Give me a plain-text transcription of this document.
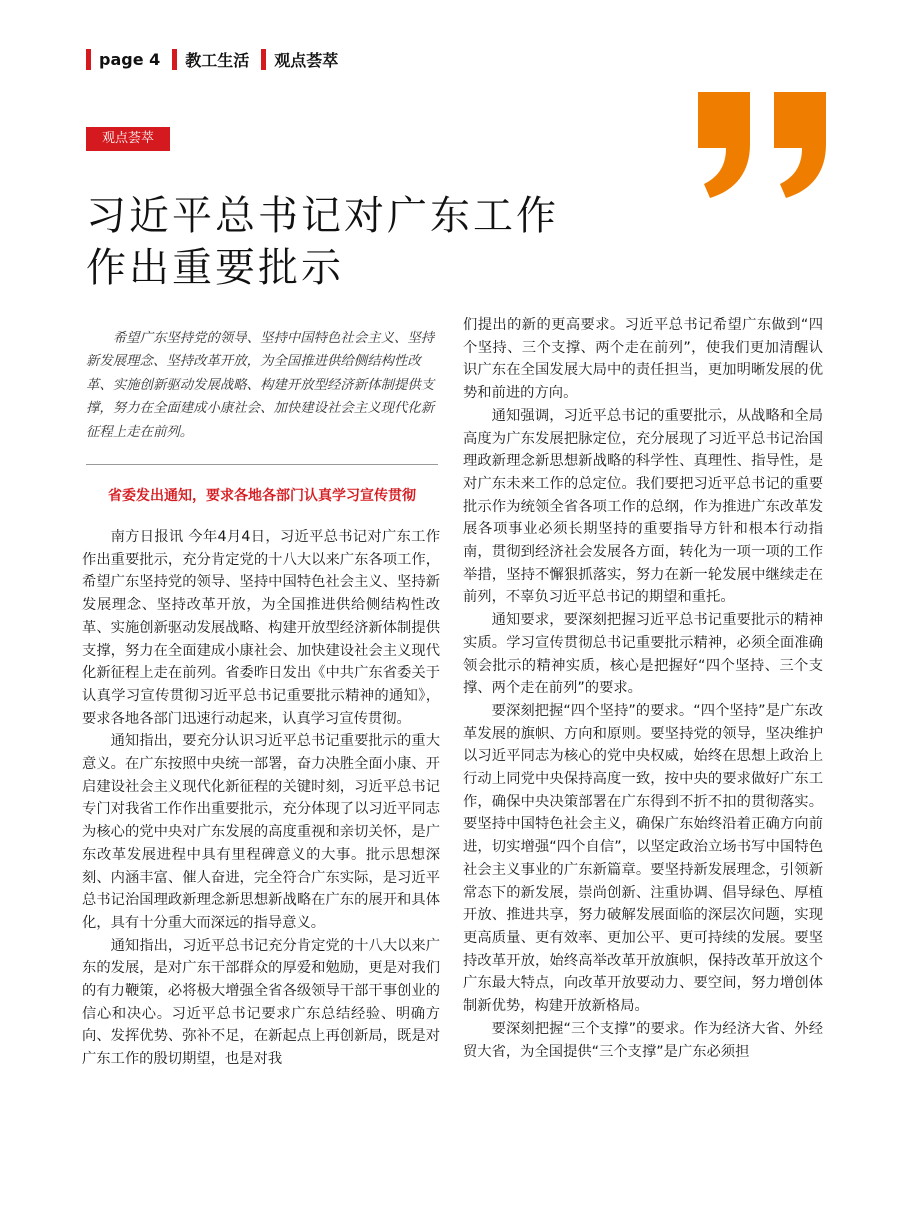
page 4 教工生活 观点荟萃
观点荟萃
习近平总书记对广东工作
作出重要批示

希望广东坚持党的领导、坚持中国特色社会主义、坚持新发展理念、坚持改革开放，为全国推进供给侧结构性改革、实施创新驱动发展战略、构建开放型经济新体制提供支撑，努力在全面建成小康社会、加快建设社会主义现代化新征程上走在前列。

省委发出通知，要求各地各部门认真学习宣传贯彻

南方日报讯 今年4月4日，习近平总书记对广东工作作出重要批示，充分肯定党的十八大以来广东各项工作，希望广东坚持党的领导、坚持中国特色社会主义、坚持新发展理念、坚持改革开放，为全国推进供给侧结构性改革、实施创新驱动发展战略、构建开放型经济新体制提供支撑，努力在全面建成小康社会、加快建设社会主义现代化新征程上走在前列。省委昨日发出《中共广东省委关于认真学习宣传贯彻习近平总书记重要批示精神的通知》，要求各地各部门迅速行动起来，认真学习宣传贯彻。

通知指出，要充分认识习近平总书记重要批示的重大意义。在广东按照中央统一部署，奋力决胜全面小康、开启建设社会主义现代化新征程的关键时刻，习近平总书记专门对我省工作作出重要批示，充分体现了以习近平同志为核心的党中央对广东发展的高度重视和亲切关怀，是广东改革发展进程中具有里程碑意义的大事。批示思想深刻、内涵丰富、催人奋进，完全符合广东实际，是习近平总书记治国理政新理念新思想新战略在广东的展开和具体化，具有十分重大而深远的指导意义。

通知指出，习近平总书记充分肯定党的十八大以来广东的发展，是对广东干部群众的厚爱和勉励，更是对我们的有力鞭策，必将极大增强全省各级领导干部干事创业的信心和决心。习近平总书记要求广东总结经验、明确方向、发挥优势、弥补不足，在新起点上再创新局，既是对广东工作的殷切期望，也是对我

们提出的新的更高要求。习近平总书记希望广东做到“四个坚持、三个支撑、两个走在前列”，使我们更加清醒认识广东在全国发展大局中的责任担当，更加明晰发展的优势和前进的方向。

通知强调，习近平总书记的重要批示，从战略和全局高度为广东发展把脉定位，充分展现了习近平总书记治国理政新理念新思想新战略的科学性、真理性、指导性，是对广东未来工作的总定位。我们要把习近平总书记的重要批示作为统领全省各项工作的总纲，作为推进广东改革发展各项事业必须长期坚持的重要指导方针和根本行动指南，贯彻到经济社会发展各方面，转化为一项一项的工作举措，坚持不懈狠抓落实，努力在新一轮发展中继续走在前列，不辜负习近平总书记的期望和重托。

通知要求，要深刻把握习近平总书记重要批示的精神实质。学习宣传贯彻总书记重要批示精神，必须全面准确领会批示的精神实质，核心是把握好“四个坚持、三个支撑、两个走在前列”的要求。

要深刻把握“四个坚持”的要求。“四个坚持”是广东改革发展的旗帜、方向和原则。要坚持党的领导，坚决维护以习近平同志为核心的党中央权威，始终在思想上政治上行动上同党中央保持高度一致，按中央的要求做好广东工作，确保中央决策部署在广东得到不折不扣的贯彻落实。要坚持中国特色社会主义，确保广东始终沿着正确方向前进，切实增强“四个自信”，以坚定政治立场书写中国特色社会主义事业的广东新篇章。要坚持新发展理念，引领新常态下的新发展，崇尚创新、注重协调、倡导绿色、厚植开放、推进共享，努力破解发展面临的深层次问题，实现更高质量、更有效率、更加公平、更可持续的发展。要坚持改革开放，始终高举改革开放旗帜，保持改革开放这个广东最大特点，向改革开放要动力、要空间，努力增创体制新优势，构建开放新格局。

要深刻把握“三个支撑”的要求。作为经济大省、外经贸大省，为全国提供“三个支撑”是广东必须担
